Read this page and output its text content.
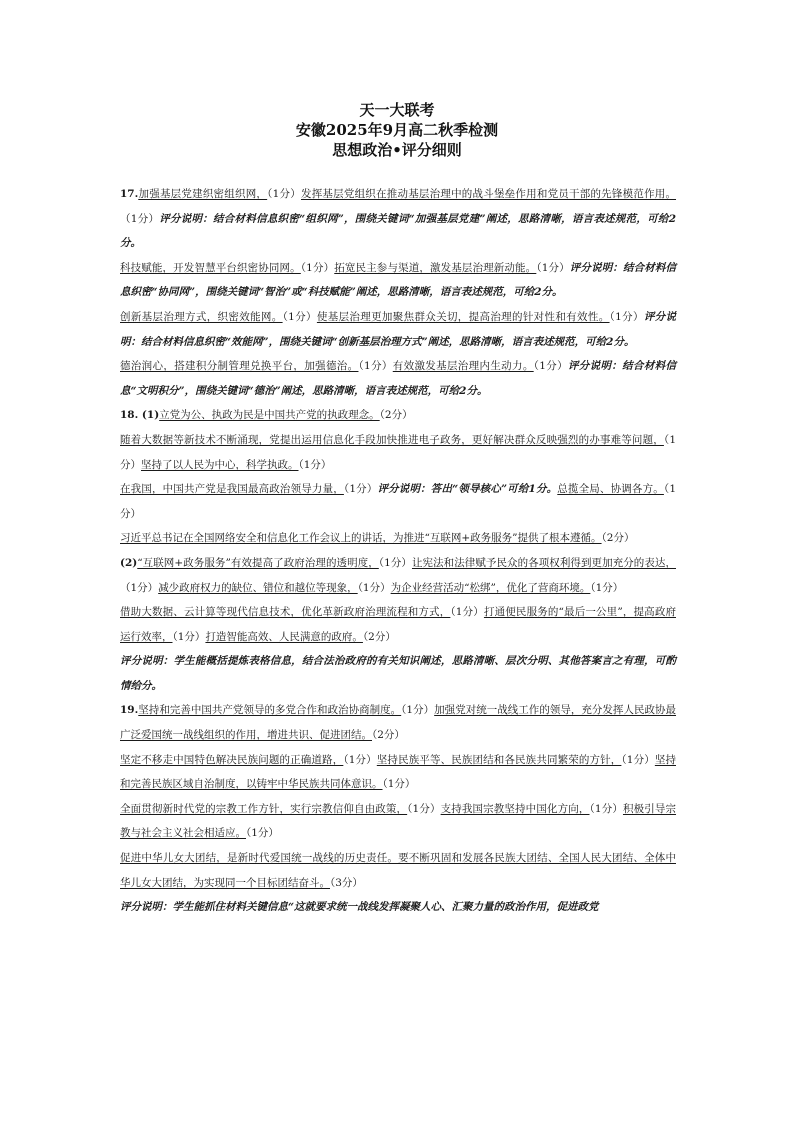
天一大联考
安徽2025年9月高二秋季检测
思想政治•评分细则
17.加强基层党建织密组织网，（1分）发挥基层党组织在推动基层治理中的战斗堡垒作用和党员干部的先锋模范作用。（1分）评分说明：结合材料信息织密“组织网”，围绕关键词“加强基层党建”阐述，思路清晰，语言表述规范，可给2分。
科技赋能，开发智慧平台织密协同网。（1分）拓宽民主参与渠道，激发基层治理新动能。（1分）评分说明：结合材料信息织密“协同网”，围绕关键词“智治”或“科技赋能”阐述，思路清晰，语言表述规范，可给2分。
创新基层治理方式，织密效能网。（1分）使基层治理更加聚焦群众关切，提高治理的针对性和有效性。（1分）评分说明：结合材料信息织密“效能网”，围绕关键词“创新基层治理方式”阐述，思路清晰，语言表述规范，可给2分。
德治润心，搭建积分制管理兑换平台，加强德治。（1分）有效激发基层治理内生动力。（1分）评分说明：结合材料信息“文明积分”，围绕关键词“德治”阐述，思路清晰，语言表述规范，可给2分。
18. (1)立党为公、执政为民是中国共产党的执政理念。（2分）
随着大数据等新技术不断涌现，党提出运用信息化手段加快推进电子政务，更好解决群众反映强烈的办事难等问题，（1分）坚持了以人民为中心，科学执政。（1分）
在我国，中国共产党是我国最高政治领导力量，（1分）评分说明：答出“领导核心”可给1分。总揽全局、协调各方。（1分）
习近平总书记在全国网络安全和信息化工作会议上的讲话，为推进“互联网+政务服务”提供了根本遵循。（2分）
(2)“互联网+政务服务”有效提高了政府治理的透明度，（1分）让宪法和法律赋予民众的各项权利得到更加充分的表达，（1分）减少政府权力的缺位、错位和越位等现象，（1分）为企业经营活动“松绑”，优化了营商环境。（1分）
借助大数据、云计算等现代信息技术，优化革新政府治理流程和方式，（1分）打通便民服务的“最后一公里”，提高政府运行效率，（1分）打造智能高效、人民满意的政府。（2分）
评分说明：学生能概括提炼表格信息，结合法治政府的有关知识阐述，思路清晰、层次分明、其他答案言之有理，可酌情给分。
19.坚持和完善中国共产党领导的多党合作和政治协商制度。（1分）加强党对统一战线工作的领导，充分发挥人民政协最广泛爱国统一战线组织的作用，增进共识、促进团结。（2分）
坚定不移走中国特色解决民族问题的正确道路，（1分）坚持民族平等、民族团结和各民族共同繁荣的方针，（1分）坚持和完善民族区域自治制度，以铸牢中华民族共同体意识。（1分）
全面贯彻新时代党的宗教工作方针，实行宗教信仰自由政策，（1分）支持我国宗教坚持中国化方向，（1分）积极引导宗教与社会主义社会相适应。（1分）
促进中华儿女大团结，是新时代爱国统一战线的历史责任。要不断巩固和发展各民族大团结、全国人民大团结、全体中华儿女大团结，为实现同一个目标团结奋斗。（3分）
评分说明：学生能抓住材料关键信息“这就要求统一战线发挥凝聚人心、汇聚力量的政治作用，促进政党
